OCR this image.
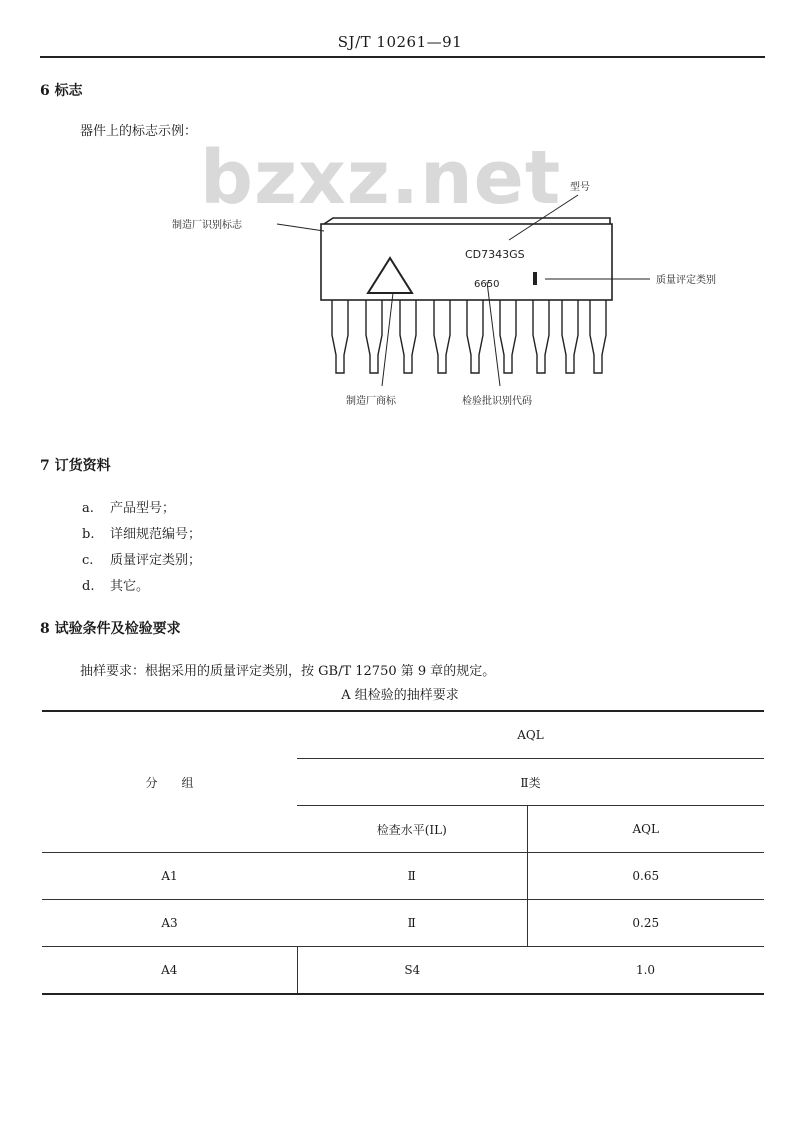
SJ/T 10261—91
6 标志
器件上的标志示例：
bzxz.net
CD7343GS
6650
型号
制造厂识别标志
质量评定类别
制造厂商标	检验批识别代码
7 订货资料
a. 产品型号；
b. 详细规范编号；
c. 质量评定类别；
d. 其它。
8 试验条件及检验要求
抽样要求：根据采用的质量评定类别，按 GB/T 12750 第 9 章的规定。
A 组检验的抽样要求
分　　组	AQL	
	Ⅱ类	
	检查水平(IL)	AQL
A1	Ⅱ	0.65
A3	Ⅱ	0.25
A4	S4	1.0
